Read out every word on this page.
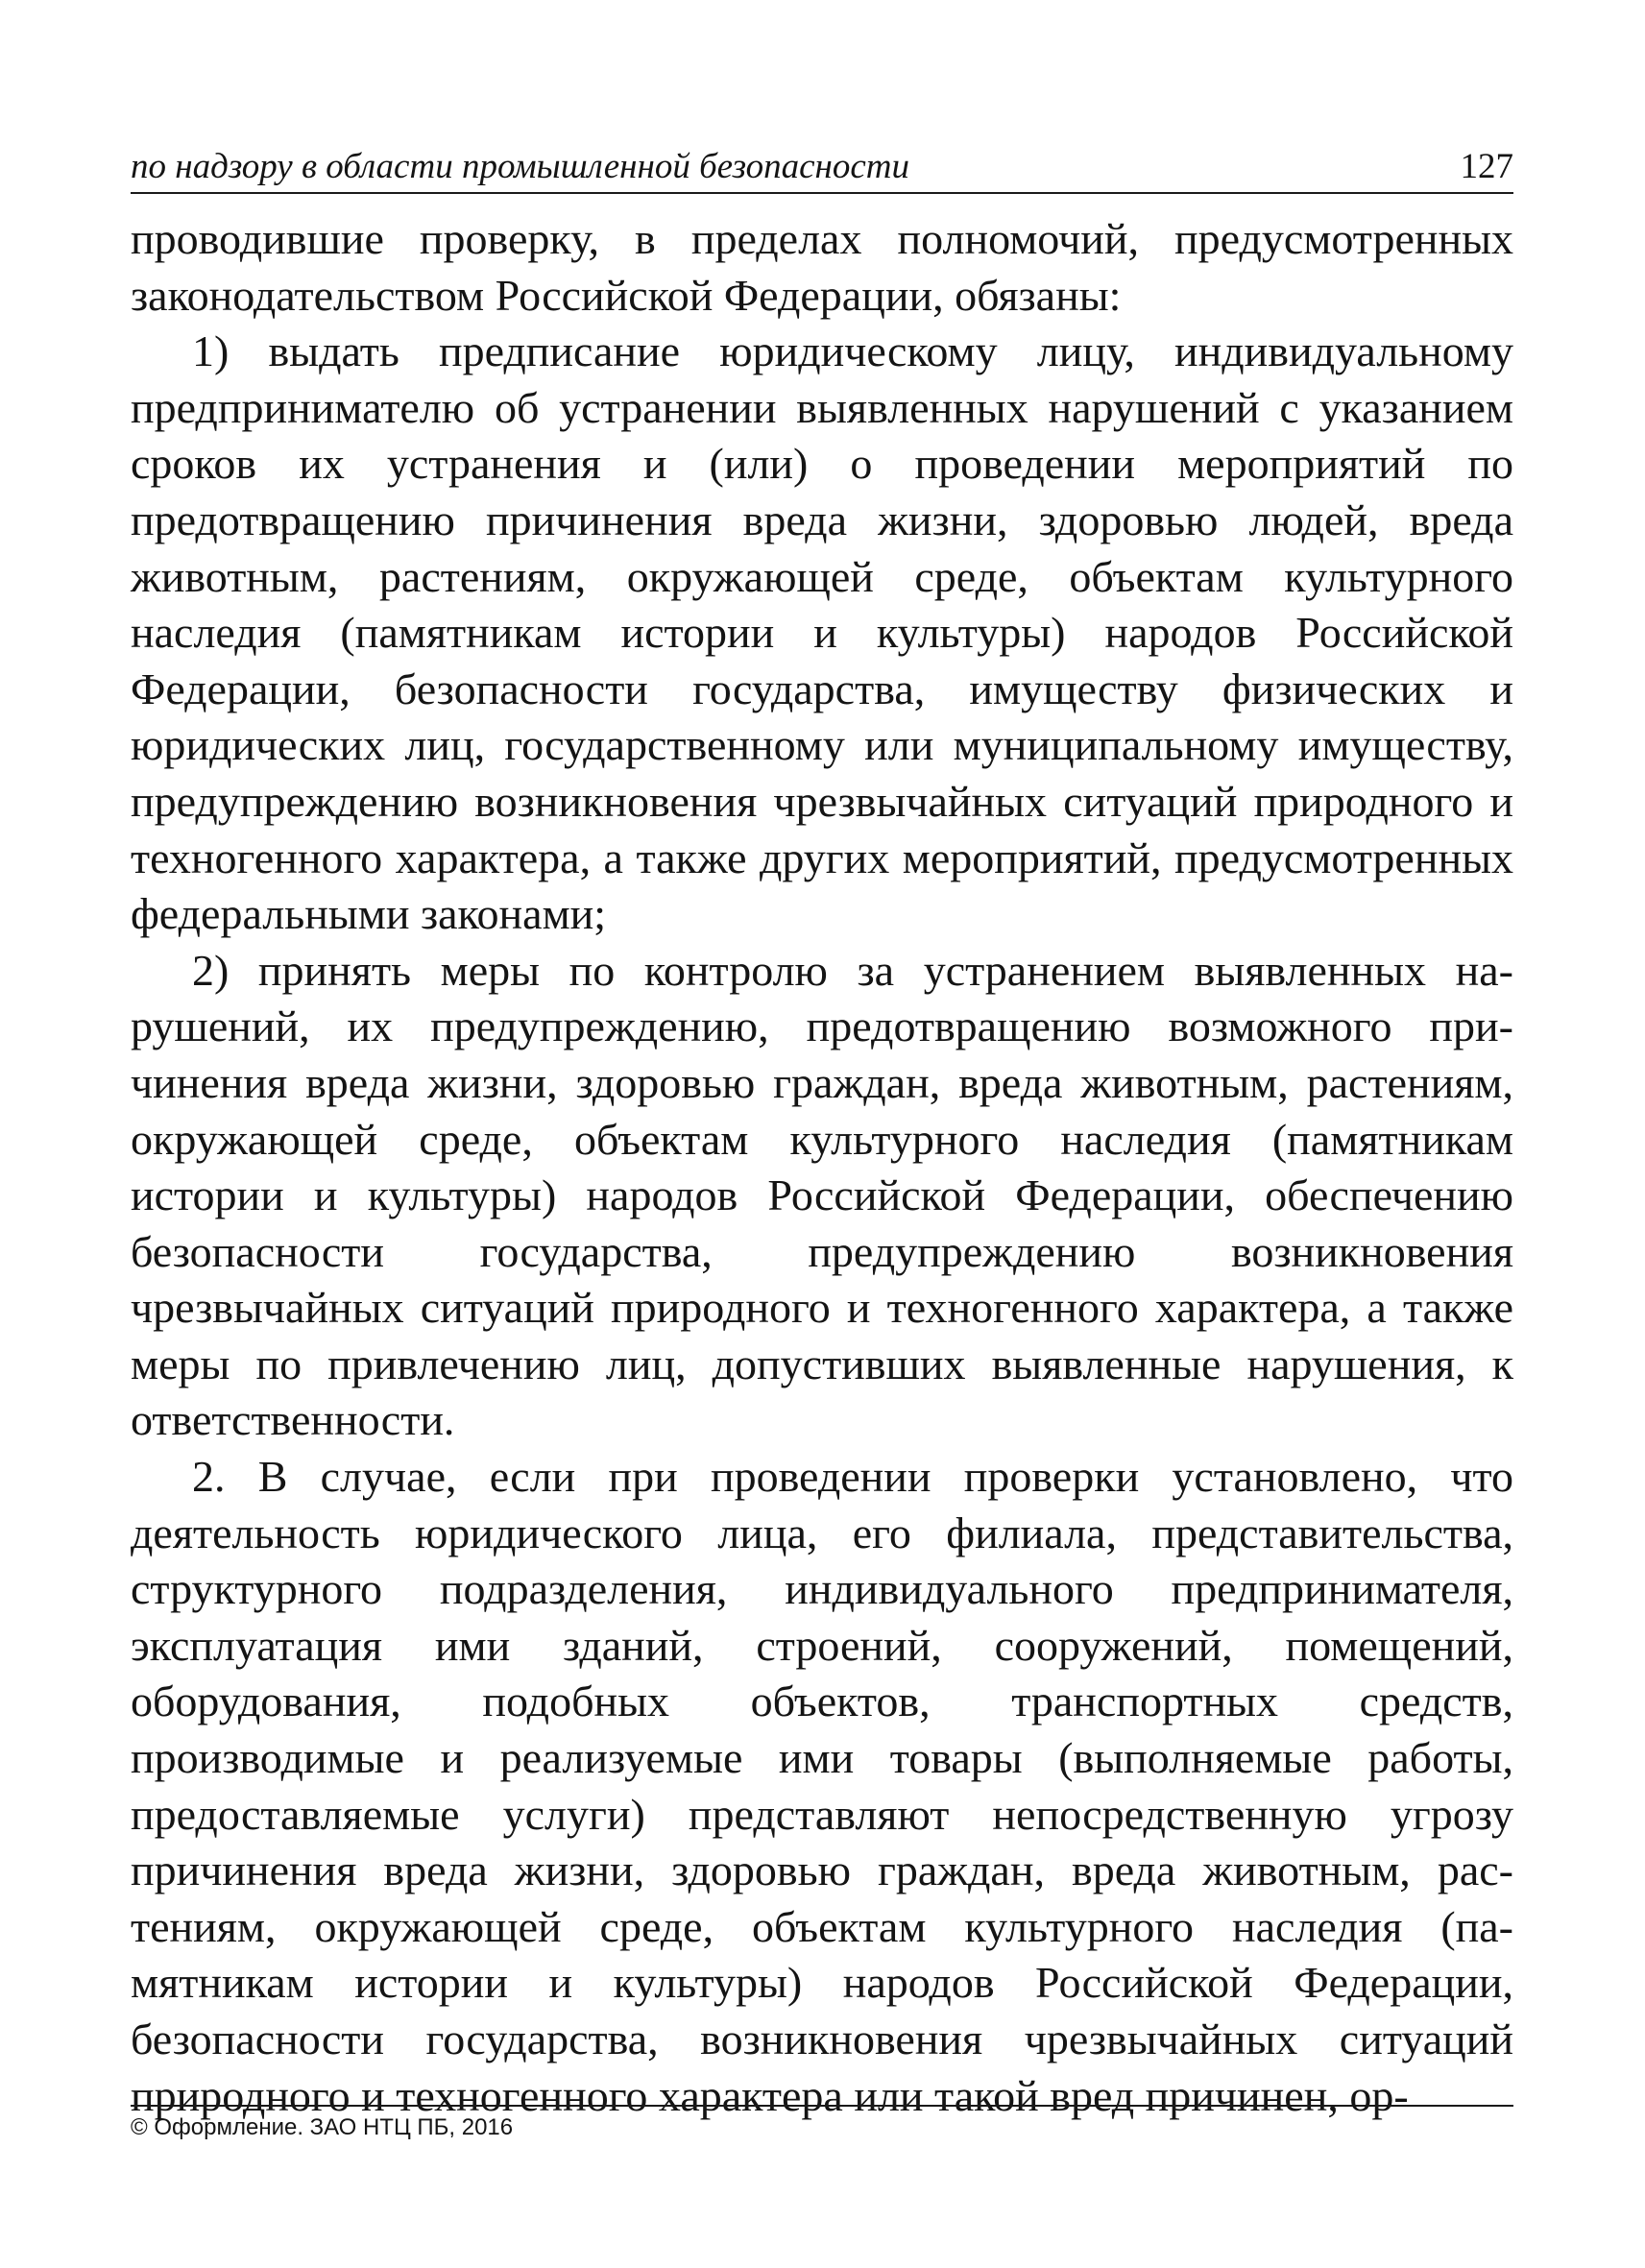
по надзору в области промышленной безопасности	127

проводившие проверку, в пределах полномочий, предусмотренных законодательством Российской Федерации, обязаны:

1) выдать предписание юридическому лицу, индивидуальному предпринимателю об устранении выявленных нарушений с указанием сроков их устранения и (или) о проведении мероприятий по предотвращению причинения вреда жизни, здоровью людей, вреда животным, растениям, окружающей среде, объектам культурного наследия (памятникам истории и культуры) народов Российской Федерации, безопасности государства, имуществу физических и юридических лиц, государственному или муниципальному имуществу, предупреждению возникновения чрезвычайных ситуаций природного и техногенного характера, а также других мероприятий, предусмотренных федеральными законами;

2) принять меры по контролю за устранением выявленных нарушений, их предупреждению, предотвращению возможного причинения вреда жизни, здоровью граждан, вреда животным, растениям, окружающей среде, объектам культурного наследия (памятникам истории и культуры) народов Российской Федерации, обеспечению безопасности государства, предупреждению возникновения чрезвычайных ситуаций природного и техногенного характера, а также меры по привлечению лиц, допустивших выявленные нарушения, к ответственности.

2. В случае, если при проведении проверки установлено, что деятельность юридического лица, его филиала, представительства, структурного подразделения, индивидуального предпринимателя, эксплуатация ими зданий, строений, сооружений, помещений, оборудования, подобных объектов, транспортных средств, производимые и реализуемые ими товары (выполняемые работы, предоставляемые услуги) представляют непосредственную угрозу причинения вреда жизни, здоровью граждан, вреда животным, растениям, окружающей среде, объектам культурного наследия (памятникам истории и культуры) народов Российской Федерации, безопасности государства, возникновения чрезвычайных ситуаций природного и техногенного характера или такой вред причинен, ор-

© Оформление. ЗАО НТЦ ПБ, 2016
